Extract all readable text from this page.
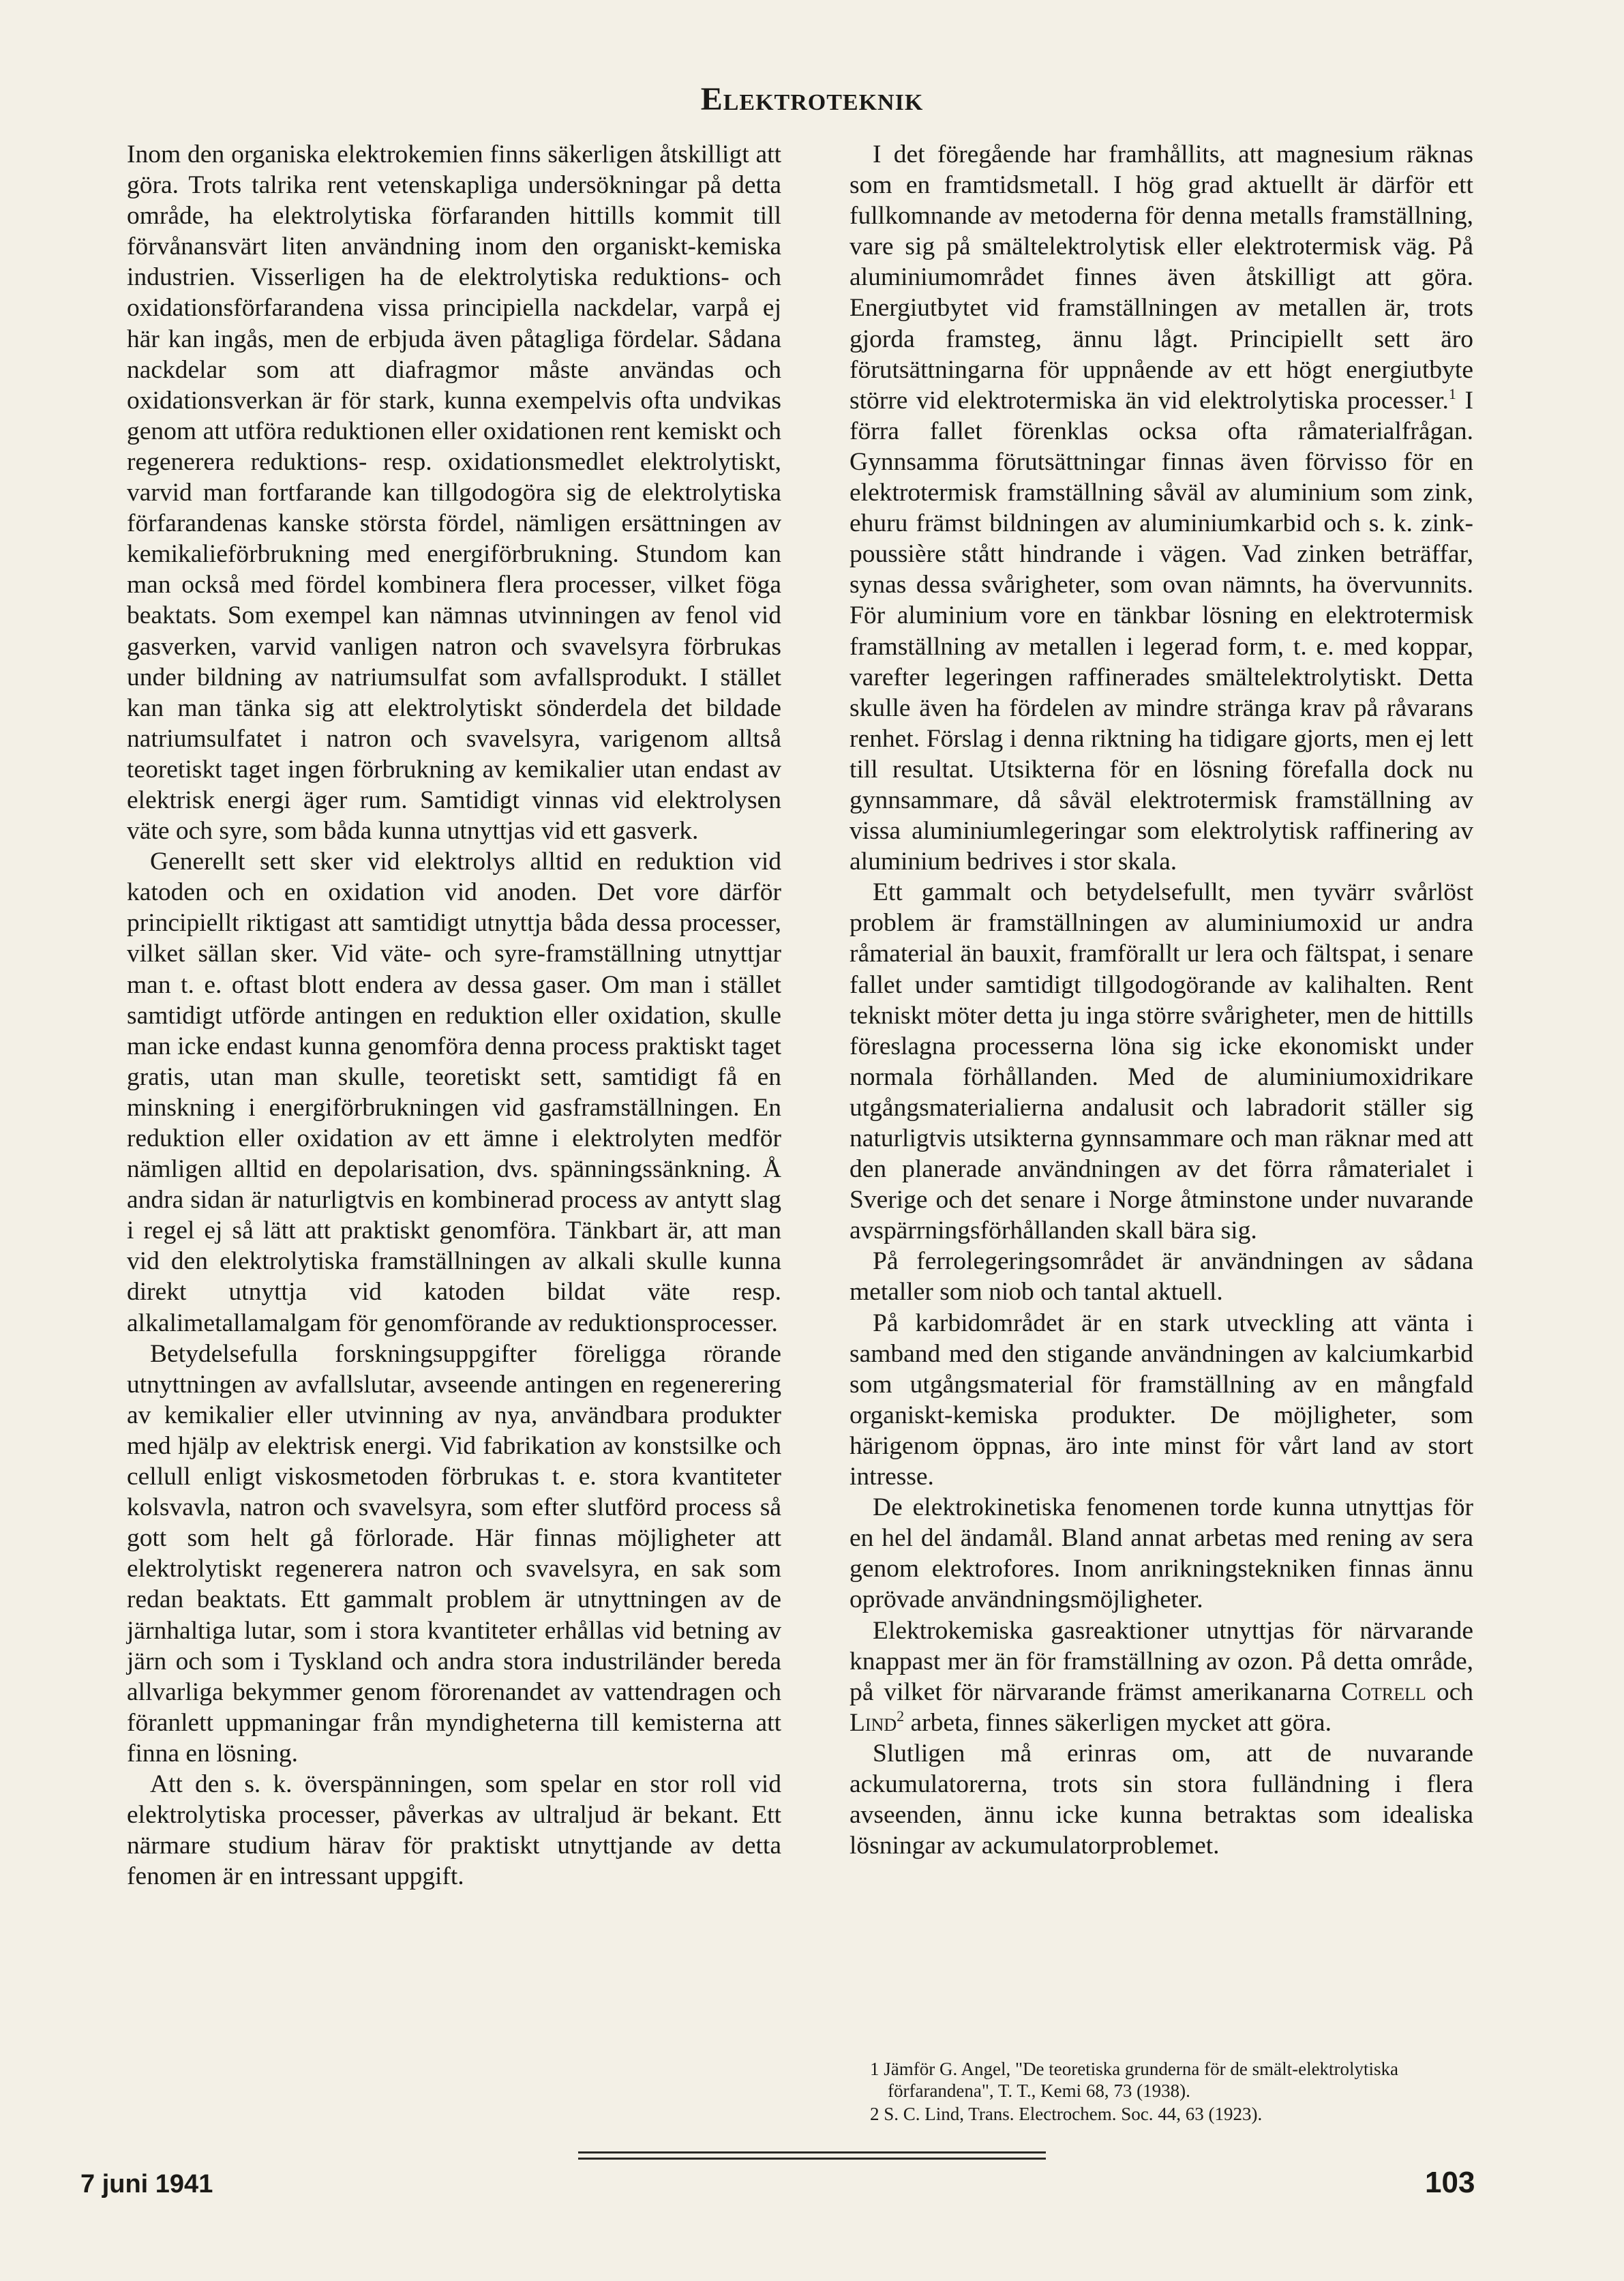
Elektroteknik

Inom den organiska elektrokemien finns säkerligen åtskilligt att göra. Trots talrika rent vetenskapliga undersökningar på detta område, ha elektrolytiska förfaranden hittills kommit till förvånansvärt liten användning inom den organiskt-kemiska industrien. Visserligen ha de elektrolytiska reduktions- och oxidationsförfarandena vissa principiella nackdelar, varpå ej här kan ingås, men de erbjuda även påtagliga fördelar. Sådana nackdelar som att diafragmor måste användas och oxidationsverkan är för stark, kunna exempelvis ofta undvikas genom att utföra reduktionen eller oxidationen rent kemiskt och regenerera reduktions- resp. oxidationsmedlet elektrolytiskt, varvid man fortfarande kan tillgodogöra sig de elektrolytiska förfarandenas kanske största fördel, nämligen ersättningen av kemikalieförbrukning med energiförbrukning. Stundom kan man också med fördel kombinera flera processer, vilket föga beaktats. Som exempel kan nämnas utvinningen av fenol vid gasverken, varvid vanligen natron och svavelsyra förbrukas under bildning av natriumsulfat som avfallsprodukt. I stället kan man tänka sig att elektrolytiskt sönderdela det bildade natriumsulfatet i natron och svavelsyra, varigenom alltså teoretiskt taget ingen förbrukning av kemikalier utan endast av elektrisk energi äger rum. Samtidigt vinnas vid elektrolysen väte och syre, som båda kunna utnyttjas vid ett gasverk.

Generellt sett sker vid elektrolys alltid en reduktion vid katoden och en oxidation vid anoden. Det vore därför principiellt riktigast att samtidigt utnyttja båda dessa processer, vilket sällan sker. Vid väte- och syre-framställning utnyttjar man t. e. oftast blott endera av dessa gaser. Om man i stället samtidigt utförde antingen en reduktion eller oxidation, skulle man icke endast kunna genomföra denna process praktiskt taget gratis, utan man skulle, teoretiskt sett, samtidigt få en minskning i energiförbrukningen vid gasframställningen. En reduktion eller oxidation av ett ämne i elektrolyten medför nämligen alltid en depolarisation, dvs. spänningssänkning. Å andra sidan är naturligtvis en kombinerad process av antytt slag i regel ej så lätt att praktiskt genomföra. Tänkbart är, att man vid den elektrolytiska framställningen av alkali skulle kunna direkt utnyttja vid katoden bildat väte resp. alkalimetallamalgam för genomförande av reduktionsprocesser.

Betydelsefulla forskningsuppgifter föreligga rörande utnyttningen av avfallslutar, avseende antingen en regenerering av kemikalier eller utvinning av nya, användbara produkter med hjälp av elektrisk energi. Vid fabrikation av konstsilke och cellull enligt viskosmetoden förbrukas t. e. stora kvantiteter kolsvavla, natron och svavelsyra, som efter slutförd process så gott som helt gå förlorade. Här finnas möjligheter att elektrolytiskt regenerera natron och svavelsyra, en sak som redan beaktats. Ett gammalt problem är utnyttningen av de järnhaltiga lutar, som i stora kvantiteter erhållas vid betning av järn och som i Tyskland och andra stora industriländer bereda allvarliga bekymmer genom förorenandet av vattendragen och föranlett uppmaningar från myndigheterna till kemisterna att finna en lösning.

Att den s. k. överspänningen, som spelar en stor roll vid elektrolytiska processer, påverkas av ultraljud är bekant. Ett närmare studium härav för praktiskt utnyttjande av detta fenomen är en intressant uppgift.

I det föregående har framhållits, att magnesium räknas som en framtidsmetall. I hög grad aktuellt är därför ett fullkomnande av metoderna för denna metalls framställning, vare sig på smältelektrolytisk eller elektrotermisk väg. På aluminiumområdet finnes även åtskilligt att göra. Energiutbytet vid framställningen av metallen är, trots gjorda framsteg, ännu lågt. Principiellt sett äro förutsättningarna för uppnående av ett högt energiutbyte större vid elektrotermiska än vid elektrolytiska processer.$^1$ I förra fallet förenklas ocksa ofta råmaterialfrågan. Gynnsamma förutsättningar finnas även förvisso för en elektrotermisk framställning såväl av aluminium som zink, ehuru främst bildningen av aluminiumkarbid och s. k. zink-poussière stått hindrande i vägen. Vad zinken beträffar, synas dessa svårigheter, som ovan nämnts, ha övervunnits. För aluminium vore en tänkbar lösning en elektrotermisk framställning av metallen i legerad form, t. e. med koppar, varefter legeringen raffinerades smältelektrolytiskt. Detta skulle även ha fördelen av mindre stränga krav på råvarans renhet. Förslag i denna riktning ha tidigare gjorts, men ej lett till resultat. Utsikterna för en lösning förefalla dock nu gynnsammare, då såväl elektrotermisk framställning av vissa aluminiumlegeringar som elektrolytisk raffinering av aluminium bedrives i stor skala.

Ett gammalt och betydelsefullt, men tyvärr svårlöst problem är framställningen av aluminiumoxid ur andra råmaterial än bauxit, framförallt ur lera och fältspat, i senare fallet under samtidigt tillgodogörande av kalihalten. Rent tekniskt möter detta ju inga större svårigheter, men de hittills föreslagna processerna löna sig icke ekonomiskt under normala förhållanden. Med de aluminiumoxidrikare utgångsmaterialierna andalusit och labradorit ställer sig naturligtvis utsikterna gynnsammare och man räknar med att den planerade användningen av det förra råmaterialet i Sverige och det senare i Norge åtminstone under nuvarande avspärrningsförhållanden skall bära sig.

På ferrolegeringsområdet är användningen av sådana metaller som niob och tantal aktuell.

På karbidområdet är en stark utveckling att vänta i samband med den stigande användningen av kalciumkarbid som utgångsmaterial för framställning av en mångfald organiskt-kemiska produkter. De möjligheter, som härigenom öppnas, äro inte minst för vårt land av stort intresse.

De elektrokinetiska fenomenen torde kunna utnyttjas för en hel del ändamål. Bland annat arbetas med rening av sera genom elektrofores. Inom anrikningstekniken finnas ännu oprövade användningsmöjligheter.

Elektrokemiska gasreaktioner utnyttjas för närvarande knappast mer än för framställning av ozon. På detta område, på vilket för närvarande främst amerikanarna Cotrell och Lind$^2$ arbeta, finnes säkerligen mycket att göra.

Slutligen må erinras om, att de nuvarande ackumulatorerna, trots sin stora fulländning i flera avseenden, ännu icke kunna betraktas som idealiska lösningar av ackumulatorproblemet.

1 Jämför G. Angel, "De teoretiska grunderna för de smält-elektrolytiska förfarandena", T. T., Kemi 68, 73 (1938).

2 S. C. Lind, Trans. Electrochem. Soc. 44, 63 (1923).

7 juni 1941	103
